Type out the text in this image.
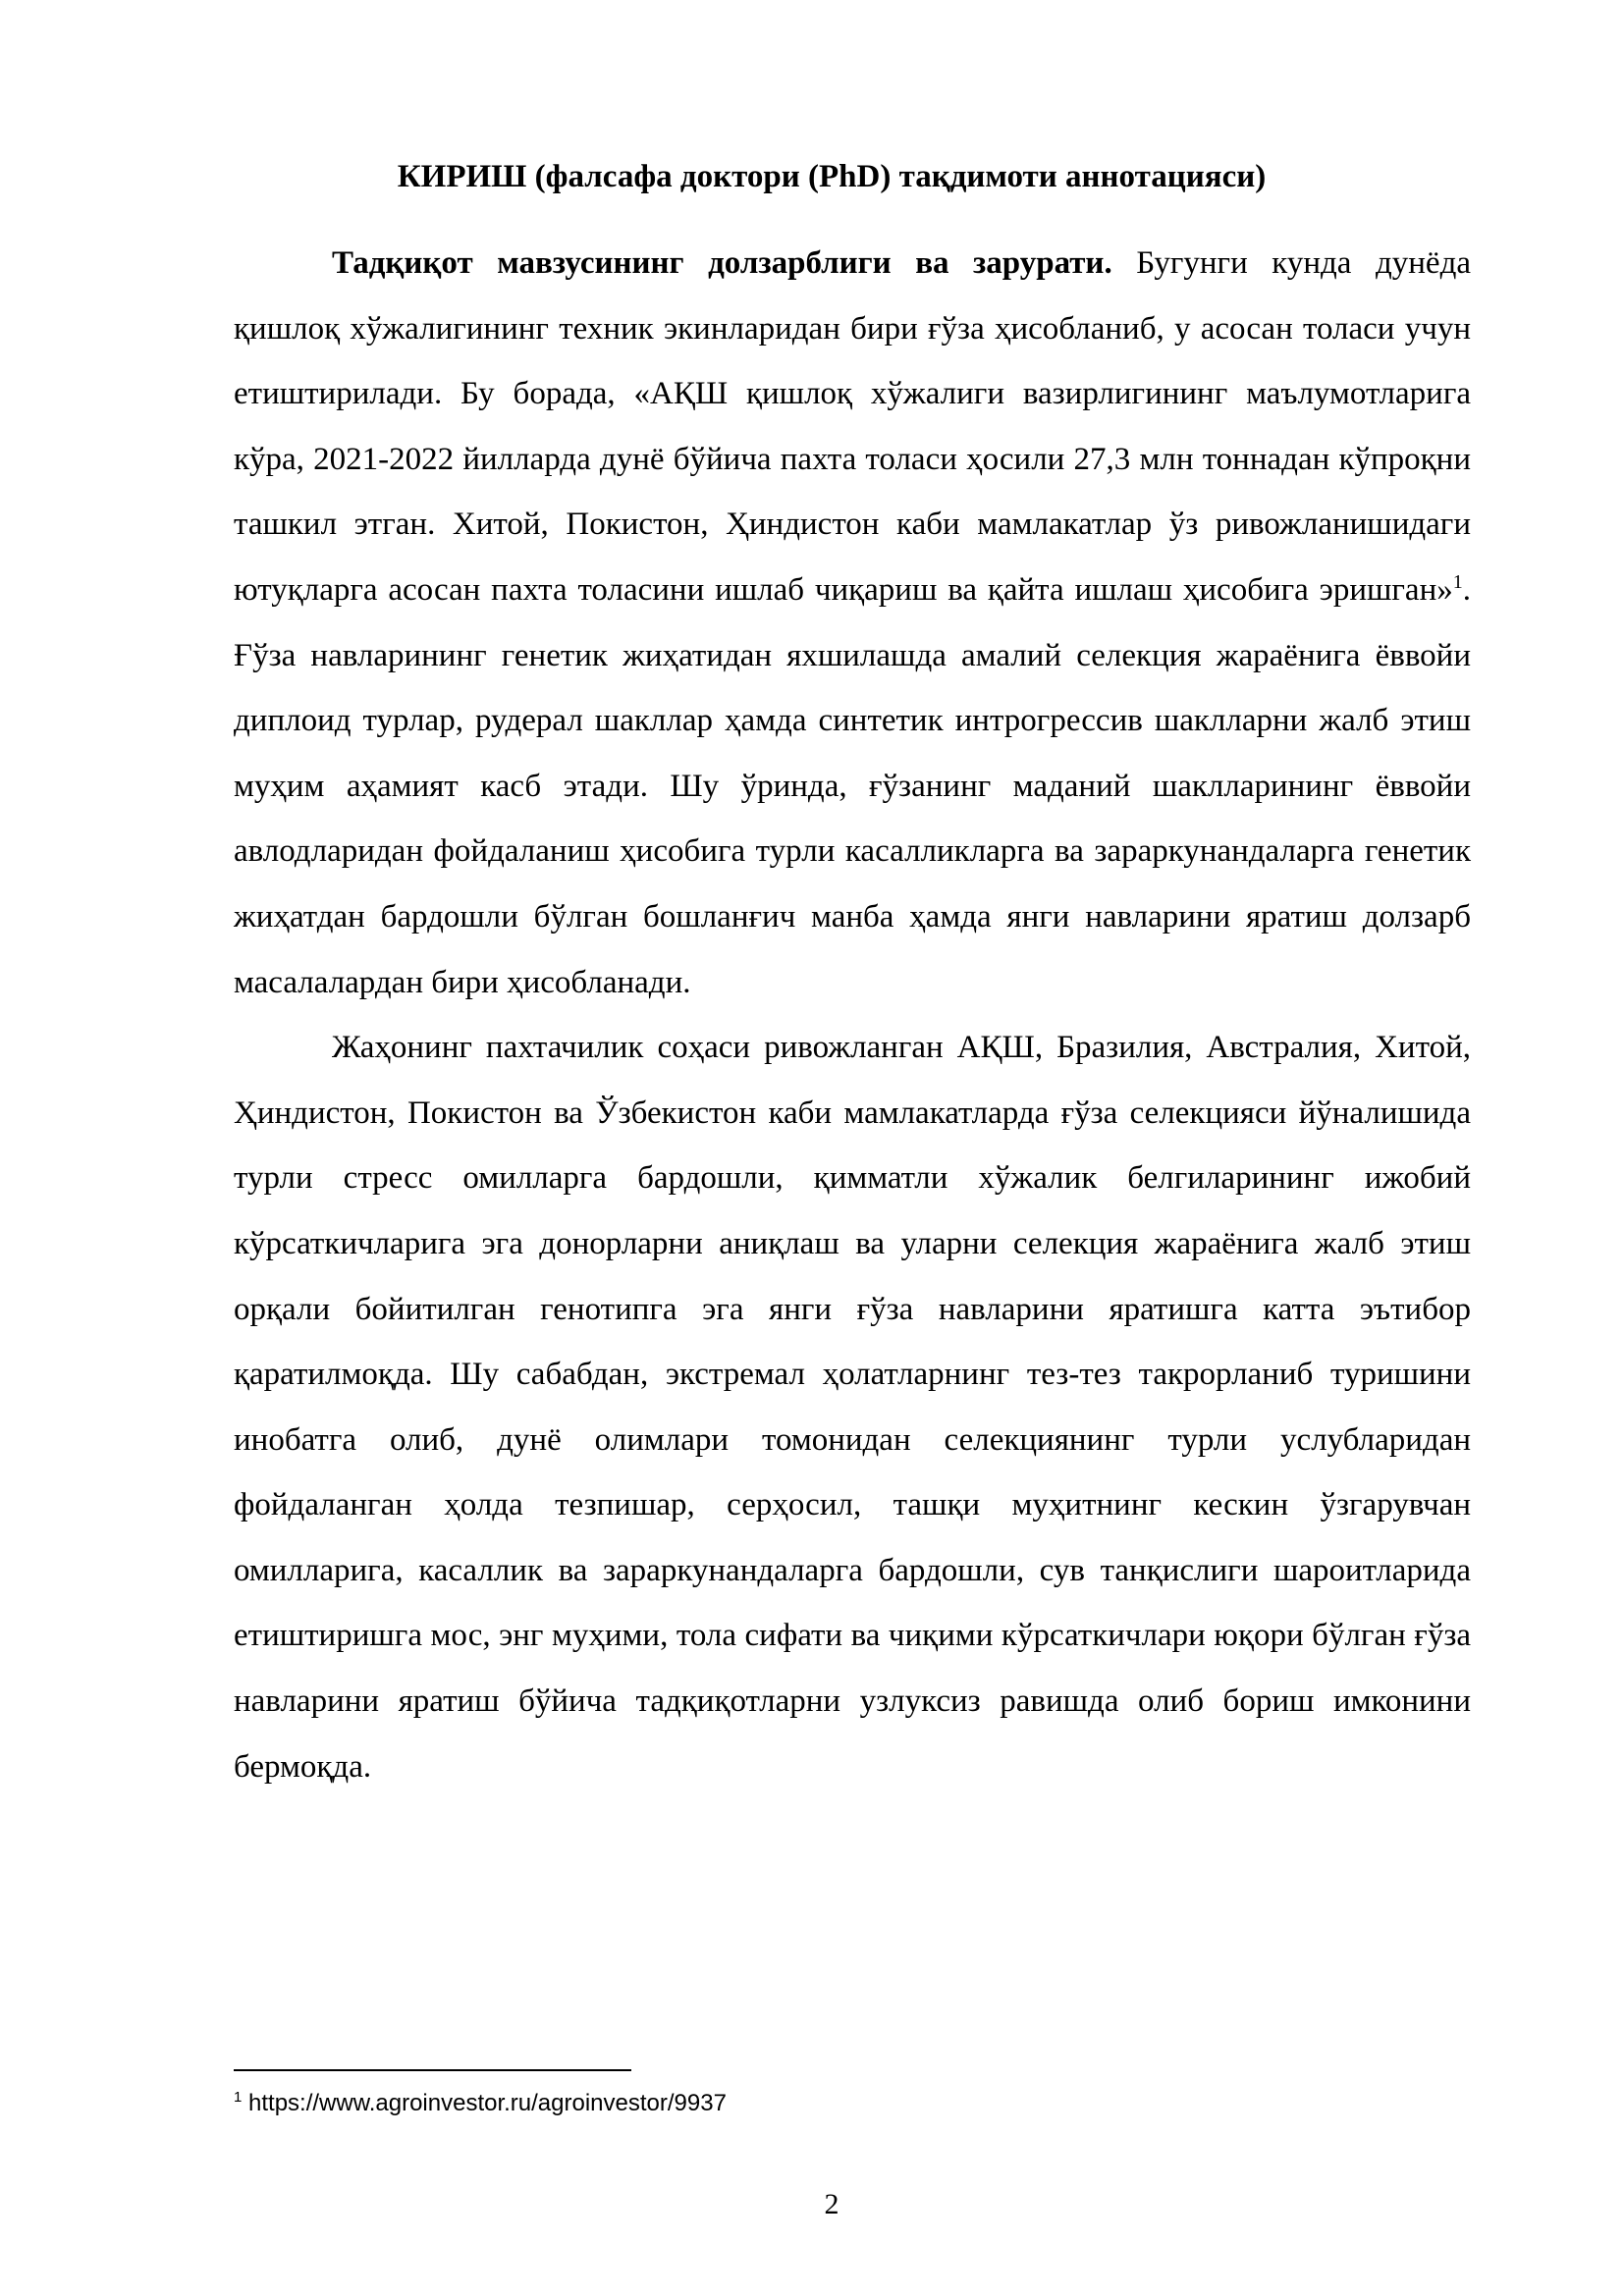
КИРИШ (фалсафа доктори (PhD) тақдимоти аннотацияси)

Тадқиқот мавзусининг долзарблиги ва зарурати. Бугунги кунда дунёда қишлоқ хўжалигининг техник экинларидан бири ғўза ҳисобланиб, у асосан толаси учун етиштирилади. Бу борада, «АҚШ қишлоқ хўжалиги вазирлигининг маълумотларига кўра, 2021-2022 йилларда дунё бўйича пахта толаси ҳосили 27,3 млн тоннадан кўпроқни ташкил этган. Хитой, Покистон, Ҳиндистон каби мамлакатлар ўз ривожланишидаги ютуқларга асосан пахта толасини ишлаб чиқариш ва қайта ишлаш ҳисобига эришган»$^1$. Ғўза навларининг генетик жиҳатидан яхшилашда амалий селекция жараёнига ёввойи диплоид турлар, рудерал шакллар ҳамда синтетик интрогрессив шаклларни жалб этиш муҳим аҳамият касб этади. Шу ўринда, ғўзанинг маданий шаклларининг ёввойи авлодларидан фойдаланиш ҳисобига турли касалликларга ва зараркунандаларга генетик жиҳатдан бардошли бўлган бошланғич манба ҳамда янги навларини яратиш долзарб масалалардан бири ҳисобланади.

Жаҳонинг пахтачилик соҳаси ривожланган АҚШ, Бразилия, Австралия, Хитой, Ҳиндистон, Покистон ва Ўзбекистон каби мамлакатларда ғўза селекцияси йўналишида турли стресс омилларга бардошли, қимматли хўжалик белгиларининг ижобий кўрсаткичларига эга донорларни аниқлаш ва уларни селекция жараёнига жалб этиш орқали бойитилган генотипга эга янги ғўза навларини яратишга катта эътибор қаратилмоқда. Шу сабабдан, экстремал ҳолатларнинг тез-тез такрорланиб туришини инобатга олиб, дунё олимлари томонидан селекциянинг турли услубларидан фойдаланган ҳолда тезпишар, серҳосил, ташқи муҳитнинг кескин ўзгарувчан омилларига, касаллик ва зараркунандаларга бардошли, сув танқислиги шароитларида етиштиришга мос, энг муҳими, тола сифати ва чиқими кўрсаткичлари юқори бўлган ғўза навларини яратиш бўйича тадқиқотларни узлуксиз равишда олиб бориш имконини бермоқда.

$^1$ https://www.agroinvestor.ru/agroinvestor/9937
2
